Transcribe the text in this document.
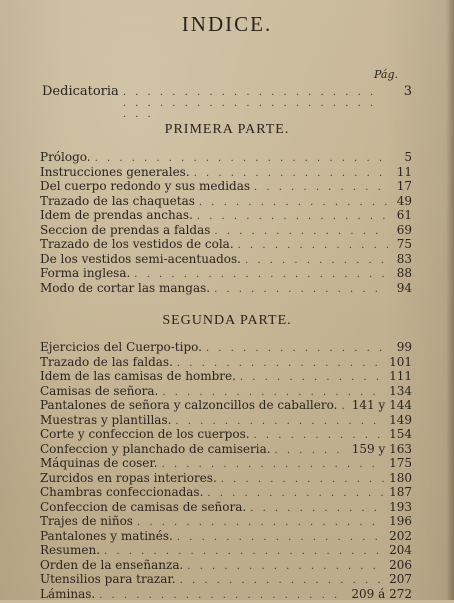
INDICE.
Pág.
Dedicatoria . . .	3
PRIMERA PARTE.
Prólogo. . . .	5
Instrucciones generales. . . .	11
Del cuerpo redondo y sus medidas . . .	17
Trazado de las chaquetas . . .	49
Idem de prendas anchas. . . .	61
Seccion de prendas a faldas . . .	69
Trazado de los vestidos de cola. . . .	75
De los vestidos semi-acentuados. . . .	83
Forma inglesa. . . .	88
Modo de cortar las mangas. . . .	94
SEGUNDA PARTE.
Ejercicios del Cuerpo-tipo. . . .	99
Trazado de las faldas. . . .	101
Idem de las camisas de hombre. . . .	111
Camisas de señora. . . .	134
Pantalones de señora y calzoncillos de caballero. . . . 141 y 144
Muestras y plantillas. . . .	149
Corte y confeccion de los cuerpos. . . .	154
Confeccion y planchado de camiseria. . . .	159 y 163
Máquinas de coser. . . .	175
Zurcidos en ropas interiores. . . .	180
Chambras confeccionadas. . . .	187
Confeccion de camisas de señora. . . .	193
Trajes de niños . . .	196
Pantalones y matinés. . . .	202
Resumen. . . .	204
Orden de la enseñanza. . . .	206
Utensilios para trazar. . . .	207
Láminas. . . .	209 á 272
